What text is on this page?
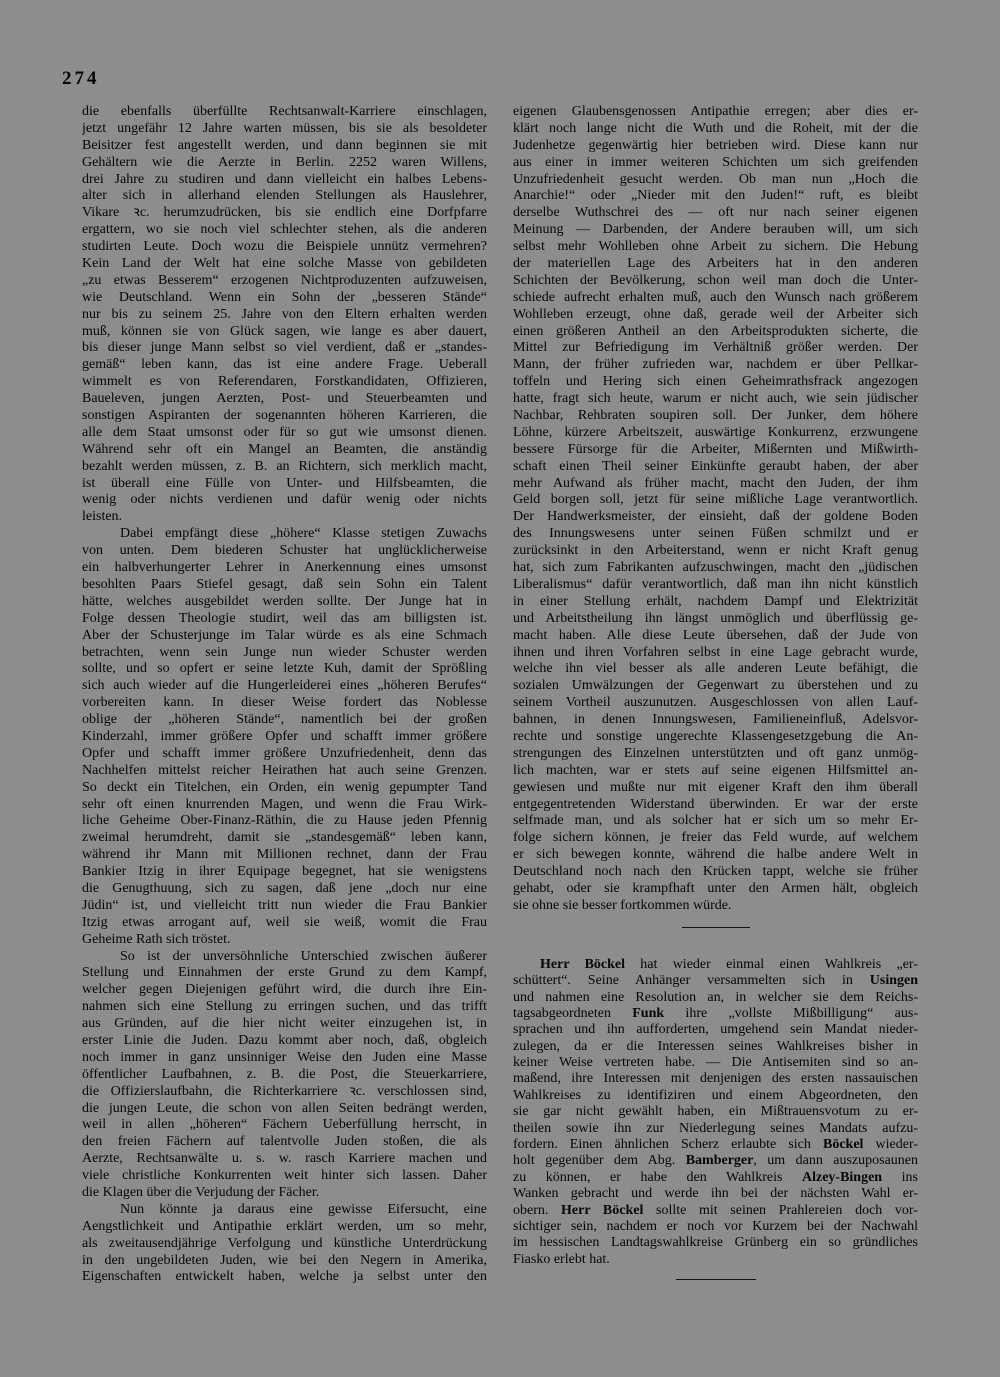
274
die ebenfalls überfüllte Rechtsanwalt-Karriere einschlagen,
jetzt ungefähr 12 Jahre warten müssen, bis sie als besoldeter
Beisitzer fest angestellt werden, und dann beginnen sie mit
Gehältern wie die Aerzte in Berlin. 2252 waren Willens,
drei Jahre zu studiren und dann vielleicht ein halbes Lebens-
alter sich in allerhand elenden Stellungen als Hauslehrer,
Vikare ꝛc. herumzudrücken, bis sie endlich eine Dorfpfarre
ergattern, wo sie noch viel schlechter stehen, als die anderen
studirten Leute. Doch wozu die Beispiele unnütz vermehren?
Kein Land der Welt hat eine solche Masse von gebildeten
„zu etwas Besserem“ erzogenen Nichtproduzenten aufzuweisen,
wie Deutschland. Wenn ein Sohn der „besseren Stände“
nur bis zu seinem 25. Jahre von den Eltern erhalten werden
muß, können sie von Glück sagen, wie lange es aber dauert,
bis dieser junge Mann selbst so viel verdient, daß er „standes-
gemäß“ leben kann, das ist eine andere Frage. Ueberall
wimmelt es von Referendaren, Forstkandidaten, Offizieren,
Baueleven, jungen Aerzten, Post- und Steuerbeamten und
sonstigen Aspiranten der sogenannten höheren Karrieren, die
alle dem Staat umsonst oder für so gut wie umsonst dienen.
Während sehr oft ein Mangel an Beamten, die anständig
bezahlt werden müssen, z. B. an Richtern, sich merklich macht,
ist überall eine Fülle von Unter- und Hilfsbeamten, die
wenig oder nichts verdienen und dafür wenig oder nichts
leisten.
Dabei empfängt diese „höhere“ Klasse stetigen Zuwachs
von unten. Dem biederen Schuster hat unglücklicherweise
ein halbverhungerter Lehrer in Anerkennung eines umsonst
besohlten Paars Stiefel gesagt, daß sein Sohn ein Talent
hätte, welches ausgebildet werden sollte. Der Junge hat in
Folge dessen Theologie studirt, weil das am billigsten ist.
Aber der Schusterjunge im Talar würde es als eine Schmach
betrachten, wenn sein Junge nun wieder Schuster werden
sollte, und so opfert er seine letzte Kuh, damit der Sprößling
sich auch wieder auf die Hungerleiderei eines „höheren Berufes“
vorbereiten kann. In dieser Weise fordert das Noblesse
oblige der „höheren Stände“, namentlich bei der großen
Kinderzahl, immer größere Opfer und schafft immer größere
Opfer und schafft immer größere Unzufriedenheit, denn das
Nachhelfen mittelst reicher Heirathen hat auch seine Grenzen.
So deckt ein Titelchen, ein Orden, ein wenig gepumpter Tand
sehr oft einen knurrenden Magen, und wenn die Frau Wirk-
liche Geheime Ober-Finanz-Räthin, die zu Hause jeden Pfennig
zweimal herumdreht, damit sie „standesgemäß“ leben kann,
während ihr Mann mit Millionen rechnet, dann der Frau
Bankier Itzig in ihrer Equipage begegnet, hat sie wenigstens
die Genugthuung, sich zu sagen, daß jene „doch nur eine
Jüdin“ ist, und vielleicht tritt nun wieder die Frau Bankier
Itzig etwas arrogant auf, weil sie weiß, womit die Frau
Geheime Rath sich tröstet.
So ist der unversöhnliche Unterschied zwischen äußerer
Stellung und Einnahmen der erste Grund zu dem Kampf,
welcher gegen Diejenigen geführt wird, die durch ihre Ein-
nahmen sich eine Stellung zu erringen suchen, und das trifft
aus Gründen, auf die hier nicht weiter einzugehen ist, in
erster Linie die Juden. Dazu kommt aber noch, daß, obgleich
noch immer in ganz unsinniger Weise den Juden eine Masse
öffentlicher Laufbahnen, z. B. die Post, die Steuerkarriere,
die Offizierslaufbahn, die Richterkarriere ꝛc. verschlossen sind,
die jungen Leute, die schon von allen Seiten bedrängt werden,
weil in allen „höheren“ Fächern Ueberfüllung herrscht, in
den freien Fächern auf talentvolle Juden stoßen, die als
Aerzte, Rechtsanwälte u. s. w. rasch Karriere machen und
viele christliche Konkurrenten weit hinter sich lassen. Daher
die Klagen über die Verjudung der Fächer.
Nun könnte ja daraus eine gewisse Eifersucht, eine
Aengstlichkeit und Antipathie erklärt werden, um so mehr,
als zweitausendjährige Verfolgung und künstliche Unterdrückung
in den ungebildeten Juden, wie bei den Negern in Amerika,
Eigenschaften entwickelt haben, welche ja selbst unter den
eigenen Glaubensgenossen Antipathie erregen; aber dies er-
klärt noch lange nicht die Wuth und die Roheit, mit der die
Judenhetze gegenwärtig hier betrieben wird. Diese kann nur
aus einer in immer weiteren Schichten um sich greifenden
Unzufriedenheit gesucht werden. Ob man nun „Hoch die
Anarchie!“ oder „Nieder mit den Juden!“ ruft, es bleibt
derselbe Wuthschrei des — oft nur nach seiner eigenen
Meinung — Darbenden, der Andere berauben will, um sich
selbst mehr Wohlleben ohne Arbeit zu sichern. Die Hebung
der materiellen Lage des Arbeiters hat in den anderen
Schichten der Bevölkerung, schon weil man doch die Unter-
schiede aufrecht erhalten muß, auch den Wunsch nach größerem
Wohlleben erzeugt, ohne daß, gerade weil der Arbeiter sich
einen größeren Antheil an den Arbeitsprodukten sicherte, die
Mittel zur Befriedigung im Verhältniß größer werden. Der
Mann, der früher zufrieden war, nachdem er über Pellkar-
toffeln und Hering sich einen Geheimrathsfrack angezogen
hatte, fragt sich heute, warum er nicht auch, wie sein jüdischer
Nachbar, Rehbraten soupiren soll. Der Junker, dem höhere
Löhne, kürzere Arbeitszeit, auswärtige Konkurrenz, erzwungene
bessere Fürsorge für die Arbeiter, Mißernten und Mißwirth-
schaft einen Theil seiner Einkünfte geraubt haben, der aber
mehr Aufwand als früher macht, macht den Juden, der ihm
Geld borgen soll, jetzt für seine mißliche Lage verantwortlich.
Der Handwerksmeister, der einsieht, daß der goldene Boden
des Innungswesens unter seinen Füßen schmilzt und er
zurücksinkt in den Arbeiterstand, wenn er nicht Kraft genug
hat, sich zum Fabrikanten aufzuschwingen, macht den „jüdischen
Liberalismus“ dafür verantwortlich, daß man ihn nicht künstlich
in einer Stellung erhält, nachdem Dampf und Elektrizität
und Arbeitstheilung ihn längst unmöglich und überflüssig ge-
macht haben. Alle diese Leute übersehen, daß der Jude von
ihnen und ihren Vorfahren selbst in eine Lage gebracht wurde,
welche ihn viel besser als alle anderen Leute befähigt, die
sozialen Umwälzungen der Gegenwart zu überstehen und zu
seinem Vortheil auszunutzen. Ausgeschlossen von allen Lauf-
bahnen, in denen Innungswesen, Familieneinfluß, Adelsvor-
rechte und sonstige ungerechte Klassengesetzgebung die An-
strengungen des Einzelnen unterstützten und oft ganz unmög-
lich machten, war er stets auf seine eigenen Hilfsmittel an-
gewiesen und mußte nur mit eigener Kraft den ihm überall
entgegentretenden Widerstand überwinden. Er war der erste
selfmade man, und als solcher hat er sich um so mehr Er-
folge sichern können, je freier das Feld wurde, auf welchem
er sich bewegen konnte, während die halbe andere Welt in
Deutschland noch nach den Krücken tappt, welche sie früher
gehabt, oder sie krampfhaft unter den Armen hält, obgleich
sie ohne sie besser fortkommen würde.
Herr Böckel hat wieder einmal einen Wahlkreis „er-
schüttert“. Seine Anhänger versammelten sich in Usingen
und nahmen eine Resolution an, in welcher sie dem Reichs-
tagsabgeordneten Funk ihre „vollste Mißbilligung“ aus-
sprachen und ihn aufforderten, umgehend sein Mandat nieder-
zulegen, da er die Interessen seines Wahlkreises bisher in
keiner Weise vertreten habe. — Die Antisemiten sind so an-
maßend, ihre Interessen mit denjenigen des ersten nassauischen
Wahlkreises zu identifiziren und einem Abgeordneten, den
sie gar nicht gewählt haben, ein Mißtrauensvotum zu er-
theilen sowie ihn zur Niederlegung seines Mandats aufzu-
fordern. Einen ähnlichen Scherz erlaubte sich Böckel wieder-
holt gegenüber dem Abg. Bamberger, um dann auszuposaunen
zu können, er habe den Wahlkreis Alzey-Bingen ins
Wanken gebracht und werde ihn bei der nächsten Wahl er-
obern. Herr Böckel sollte mit seinen Prahlereien doch vor-
sichtiger sein, nachdem er noch vor Kurzem bei der Nachwahl
im hessischen Landtagswahlkreise Grünberg ein so gründliches
Fiasko erlebt hat.
